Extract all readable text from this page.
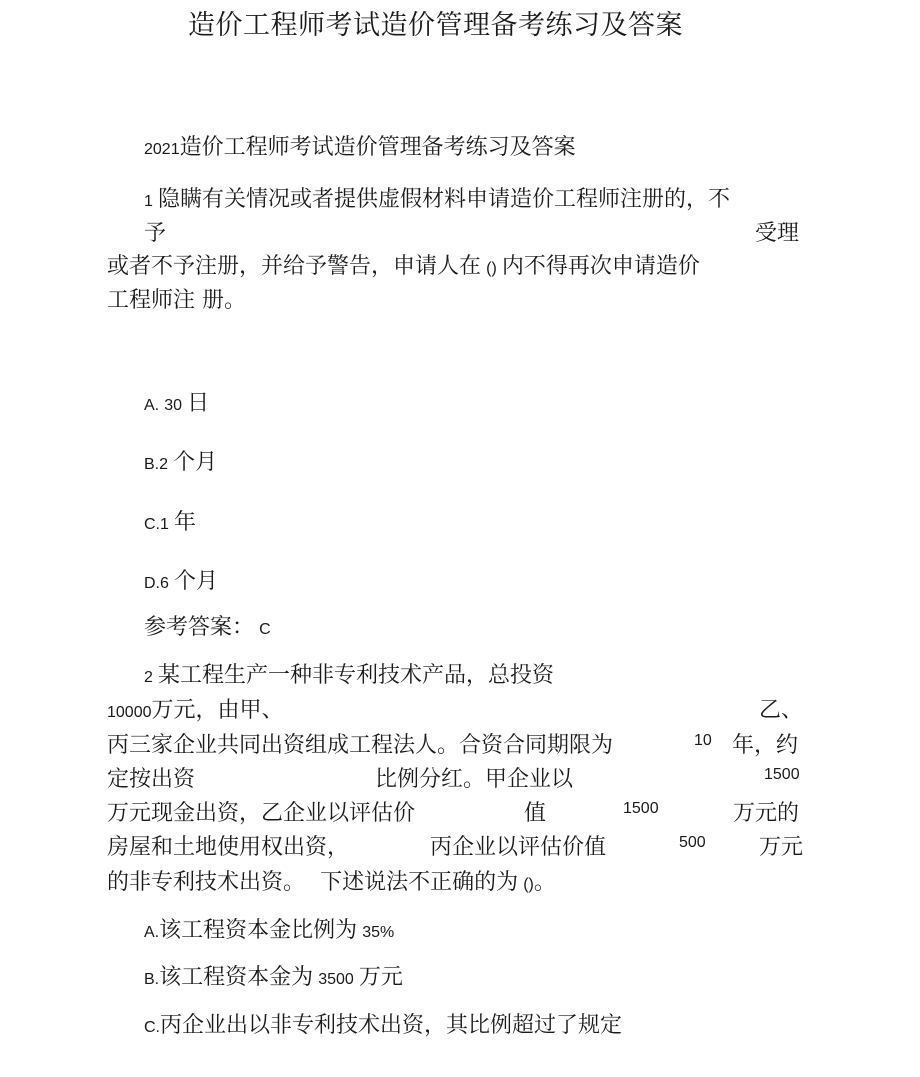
造价工程师考试造价管理备考练习及答案
2021造价工程师考试造价管理备考练习及答案
1 隐瞒有关情况或者提供虚假材料申请造价工程师注册的，不
予	受理
或者不予注册，并给予警告，申请人在 () 内不得再次申请造价
工程师注 册。
A. 30 日
B.2 个月
C.1 年
D.6 个月
参考答案： C
2 某工程生产一种非专利技术产品，总投资
10000万元，由甲、	乙、
丙三家企业共同出资组成工程法人。合资合同期限为	10 年，约
定按出资	比例分红。甲企业以	1500
万元现金出资，乙企业以评估价	值	1500	万元的
房屋和土地使用权出资，	丙企业以评估价值	500 万元
的非专利技术出资。 下述说法不正确的为 ()。
A.该工程资本金比例为 35%
B.该工程资本金为 3500 万元
C.丙企业出以非专利技术出资，其比例超过了规定
